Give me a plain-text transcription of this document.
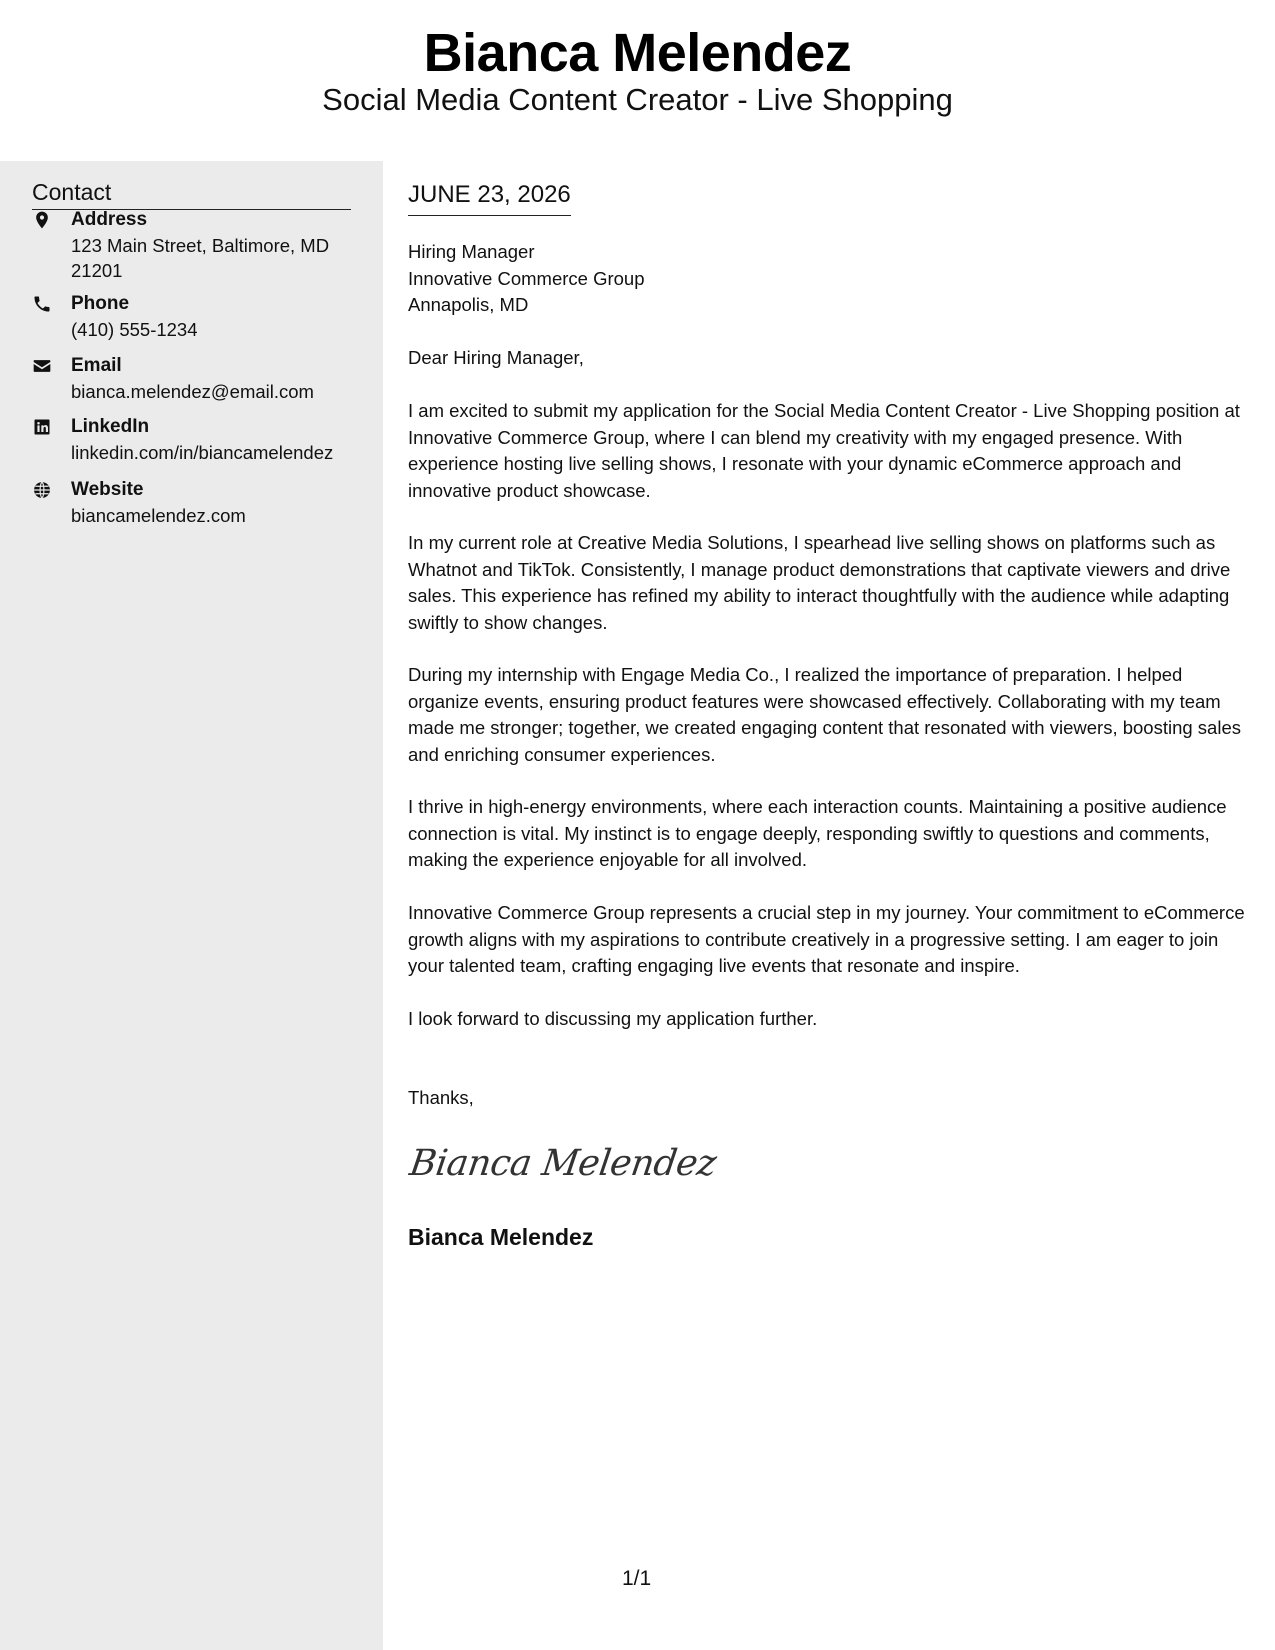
Bianca Melendez
Social Media Content Creator - Live Shopping
Contact
Address
123 Main Street, Baltimore, MD 21201
Phone
(410) 555-1234
Email
bianca.melendez@email.com
LinkedIn
linkedin.com/in/biancamelendez
Website
biancamelendez.com
JUNE 23, 2026
Hiring Manager
Innovative Commerce Group
Annapolis, MD
Dear Hiring Manager,
I am excited to submit my application for the Social Media Content Creator - Live Shopping position at Innovative Commerce Group, where I can blend my creativity with my engaged presence. With experience hosting live selling shows, I resonate with your dynamic eCommerce approach and innovative product showcase.
In my current role at Creative Media Solutions, I spearhead live selling shows on platforms such as Whatnot and TikTok. Consistently, I manage product demonstrations that captivate viewers and drive sales. This experience has refined my ability to interact thoughtfully with the audience while adapting swiftly to show changes.
During my internship with Engage Media Co., I realized the importance of preparation. I helped organize events, ensuring product features were showcased effectively. Collaborating with my team made me stronger; together, we created engaging content that resonated with viewers, boosting sales and enriching consumer experiences.
I thrive in high-energy environments, where each interaction counts. Maintaining a positive audience connection is vital. My instinct is to engage deeply, responding swiftly to questions and comments, making the experience enjoyable for all involved.
Innovative Commerce Group represents a crucial step in my journey. Your commitment to eCommerce growth aligns with my aspirations to contribute creatively in a progressive setting. I am eager to join your talented team, crafting engaging live events that resonate and inspire.
I look forward to discussing my application further.
Thanks,
Bianca Melendez
Bianca Melendez
1/1
